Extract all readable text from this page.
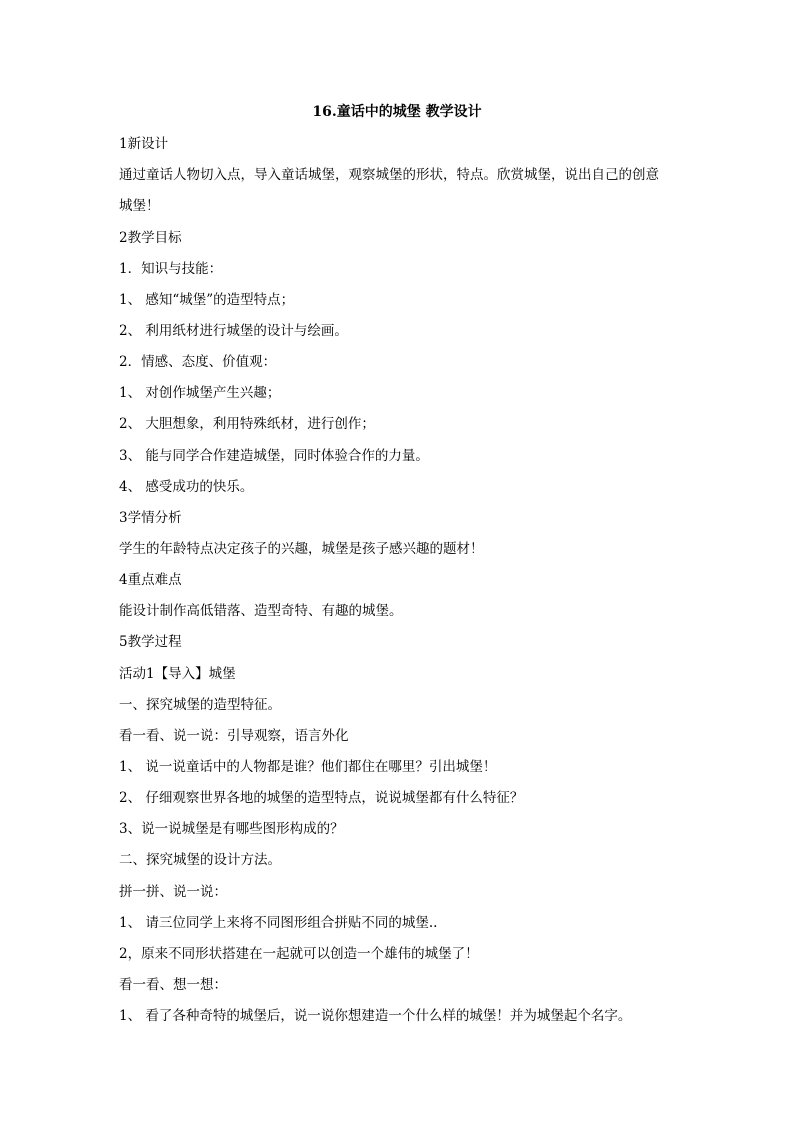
16.童话中的城堡 教学设计
1新设计
通过童话人物切入点，导入童话城堡，观察城堡的形状，特点。欣赏城堡，说出自己的创意
城堡！
2教学目标
1．知识与技能：
1、 感知“城堡”的造型特点；
2、 利用纸材进行城堡的设计与绘画。
2．情感、态度、价值观：
1、 对创作城堡产生兴趣；
2、 大胆想象，利用特殊纸材，进行创作；
3、 能与同学合作建造城堡，同时体验合作的力量。
4、 感受成功的快乐。
3学情分析
学生的年龄特点决定孩子的兴趣，城堡是孩子感兴趣的题材！
4重点难点
能设计制作高低错落、造型奇特、有趣的城堡。
5教学过程
活动1【导入】城堡
一、探究城堡的造型特征。
看一看、说一说：引导观察，语言外化
1、 说一说童话中的人物都是谁？他们都住在哪里？引出城堡！
2、 仔细观察世界各地的城堡的造型特点，说说城堡都有什么特征？
3、说一说城堡是有哪些图形构成的？
二、探究城堡的设计方法。
拼一拼、说一说：
1、 请三位同学上来将不同图形组合拼贴不同的城堡..
2，原来不同形状搭建在一起就可以创造一个雄伟的城堡了！
看一看、想一想：
1、 看了各种奇特的城堡后，说一说你想建造一个什么样的城堡！并为城堡起个名字。
